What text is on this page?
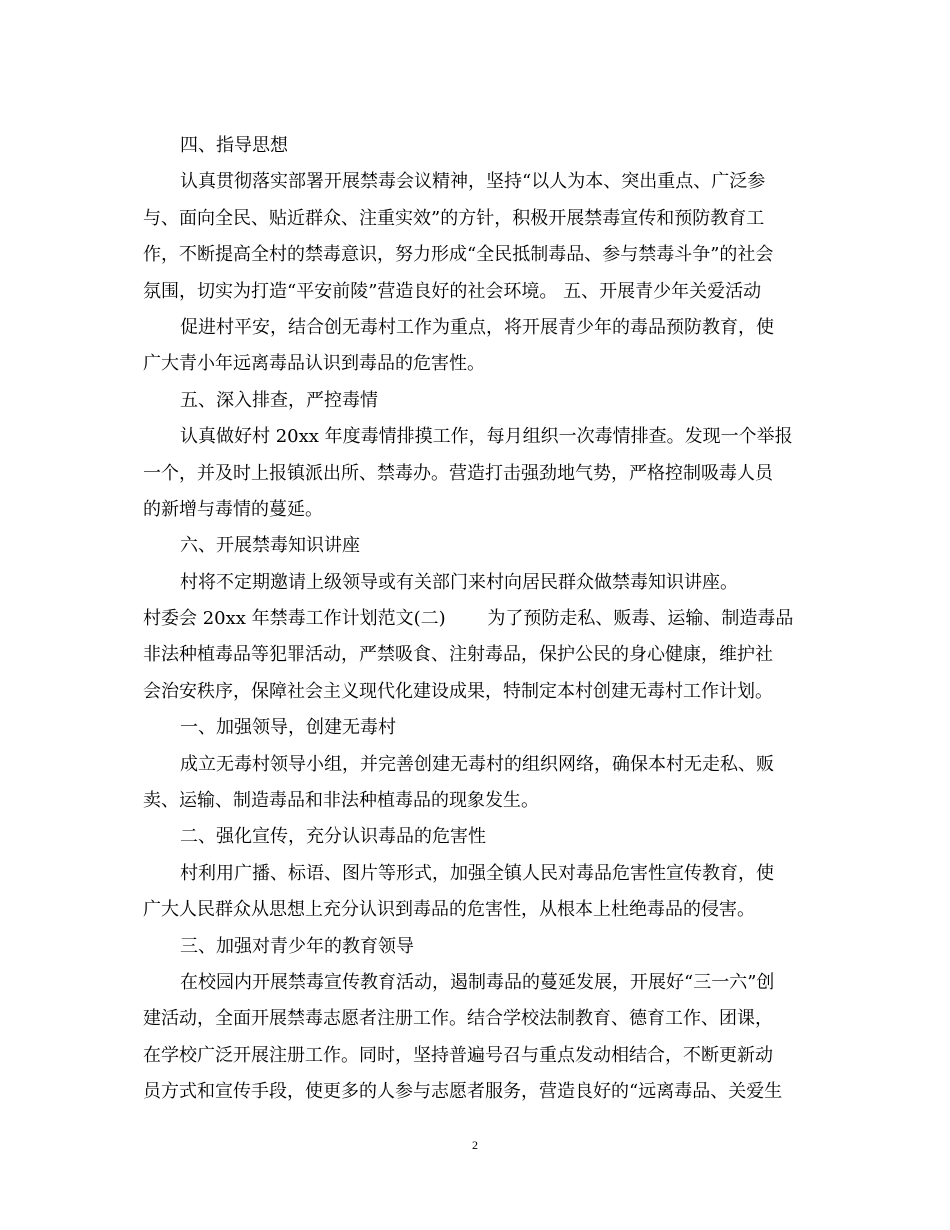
四、指导思想
认真贯彻落实部署开展禁毒会议精神，坚持“以人为本、突出重点、广泛参
与、面向全民、贴近群众、注重实效”的方针，积极开展禁毒宣传和预防教育工
作，不断提高全村的禁毒意识，努力形成“全民抵制毒品、参与禁毒斗争”的社会
氛围，切实为打造“平安前陵”营造良好的社会环境。 五、开展青少年关爱活动
促进村平安，结合创无毒村工作为重点，将开展青少年的毒品预防教育，使
广大青小年远离毒品认识到毒品的危害性。
五、深入排查，严控毒情
认真做好村 20xx 年度毒情排摸工作，每月组织一次毒情排查。发现一个举报
一个，并及时上报镇派出所、禁毒办。营造打击强劲地气势，严格控制吸毒人员
的新增与毒情的蔓延。
六、开展禁毒知识讲座
村将不定期邀请上级领导或有关部门来村向居民群众做禁毒知识讲座。
村委会 20xx 年禁毒工作计划范文(二)　　 为了预防走私、贩毒、运输、制造毒品
非法种植毒品等犯罪活动，严禁吸食、注射毒品，保护公民的身心健康，维护社
会治安秩序，保障社会主义现代化建设成果，特制定本村创建无毒村工作计划。
一、加强领导，创建无毒村
成立无毒村领导小组，并完善创建无毒村的组织网络，确保本村无走私、贩
卖、运输、制造毒品和非法种植毒品的现象发生。
二、强化宣传，充分认识毒品的危害性
村利用广播、标语、图片等形式，加强全镇人民对毒品危害性宣传教育，使
广大人民群众从思想上充分认识到毒品的危害性，从根本上杜绝毒品的侵害。
三、加强对青少年的教育领导
在校园内开展禁毒宣传教育活动，遏制毒品的蔓延发展，开展好“三一六”创
建活动，全面开展禁毒志愿者注册工作。结合学校法制教育、德育工作、团课，
在学校广泛开展注册工作。同时，坚持普遍号召与重点发动相结合，不断更新动
员方式和宣传手段，使更多的人参与志愿者服务，营造良好的“远离毒品、关爱生
2
